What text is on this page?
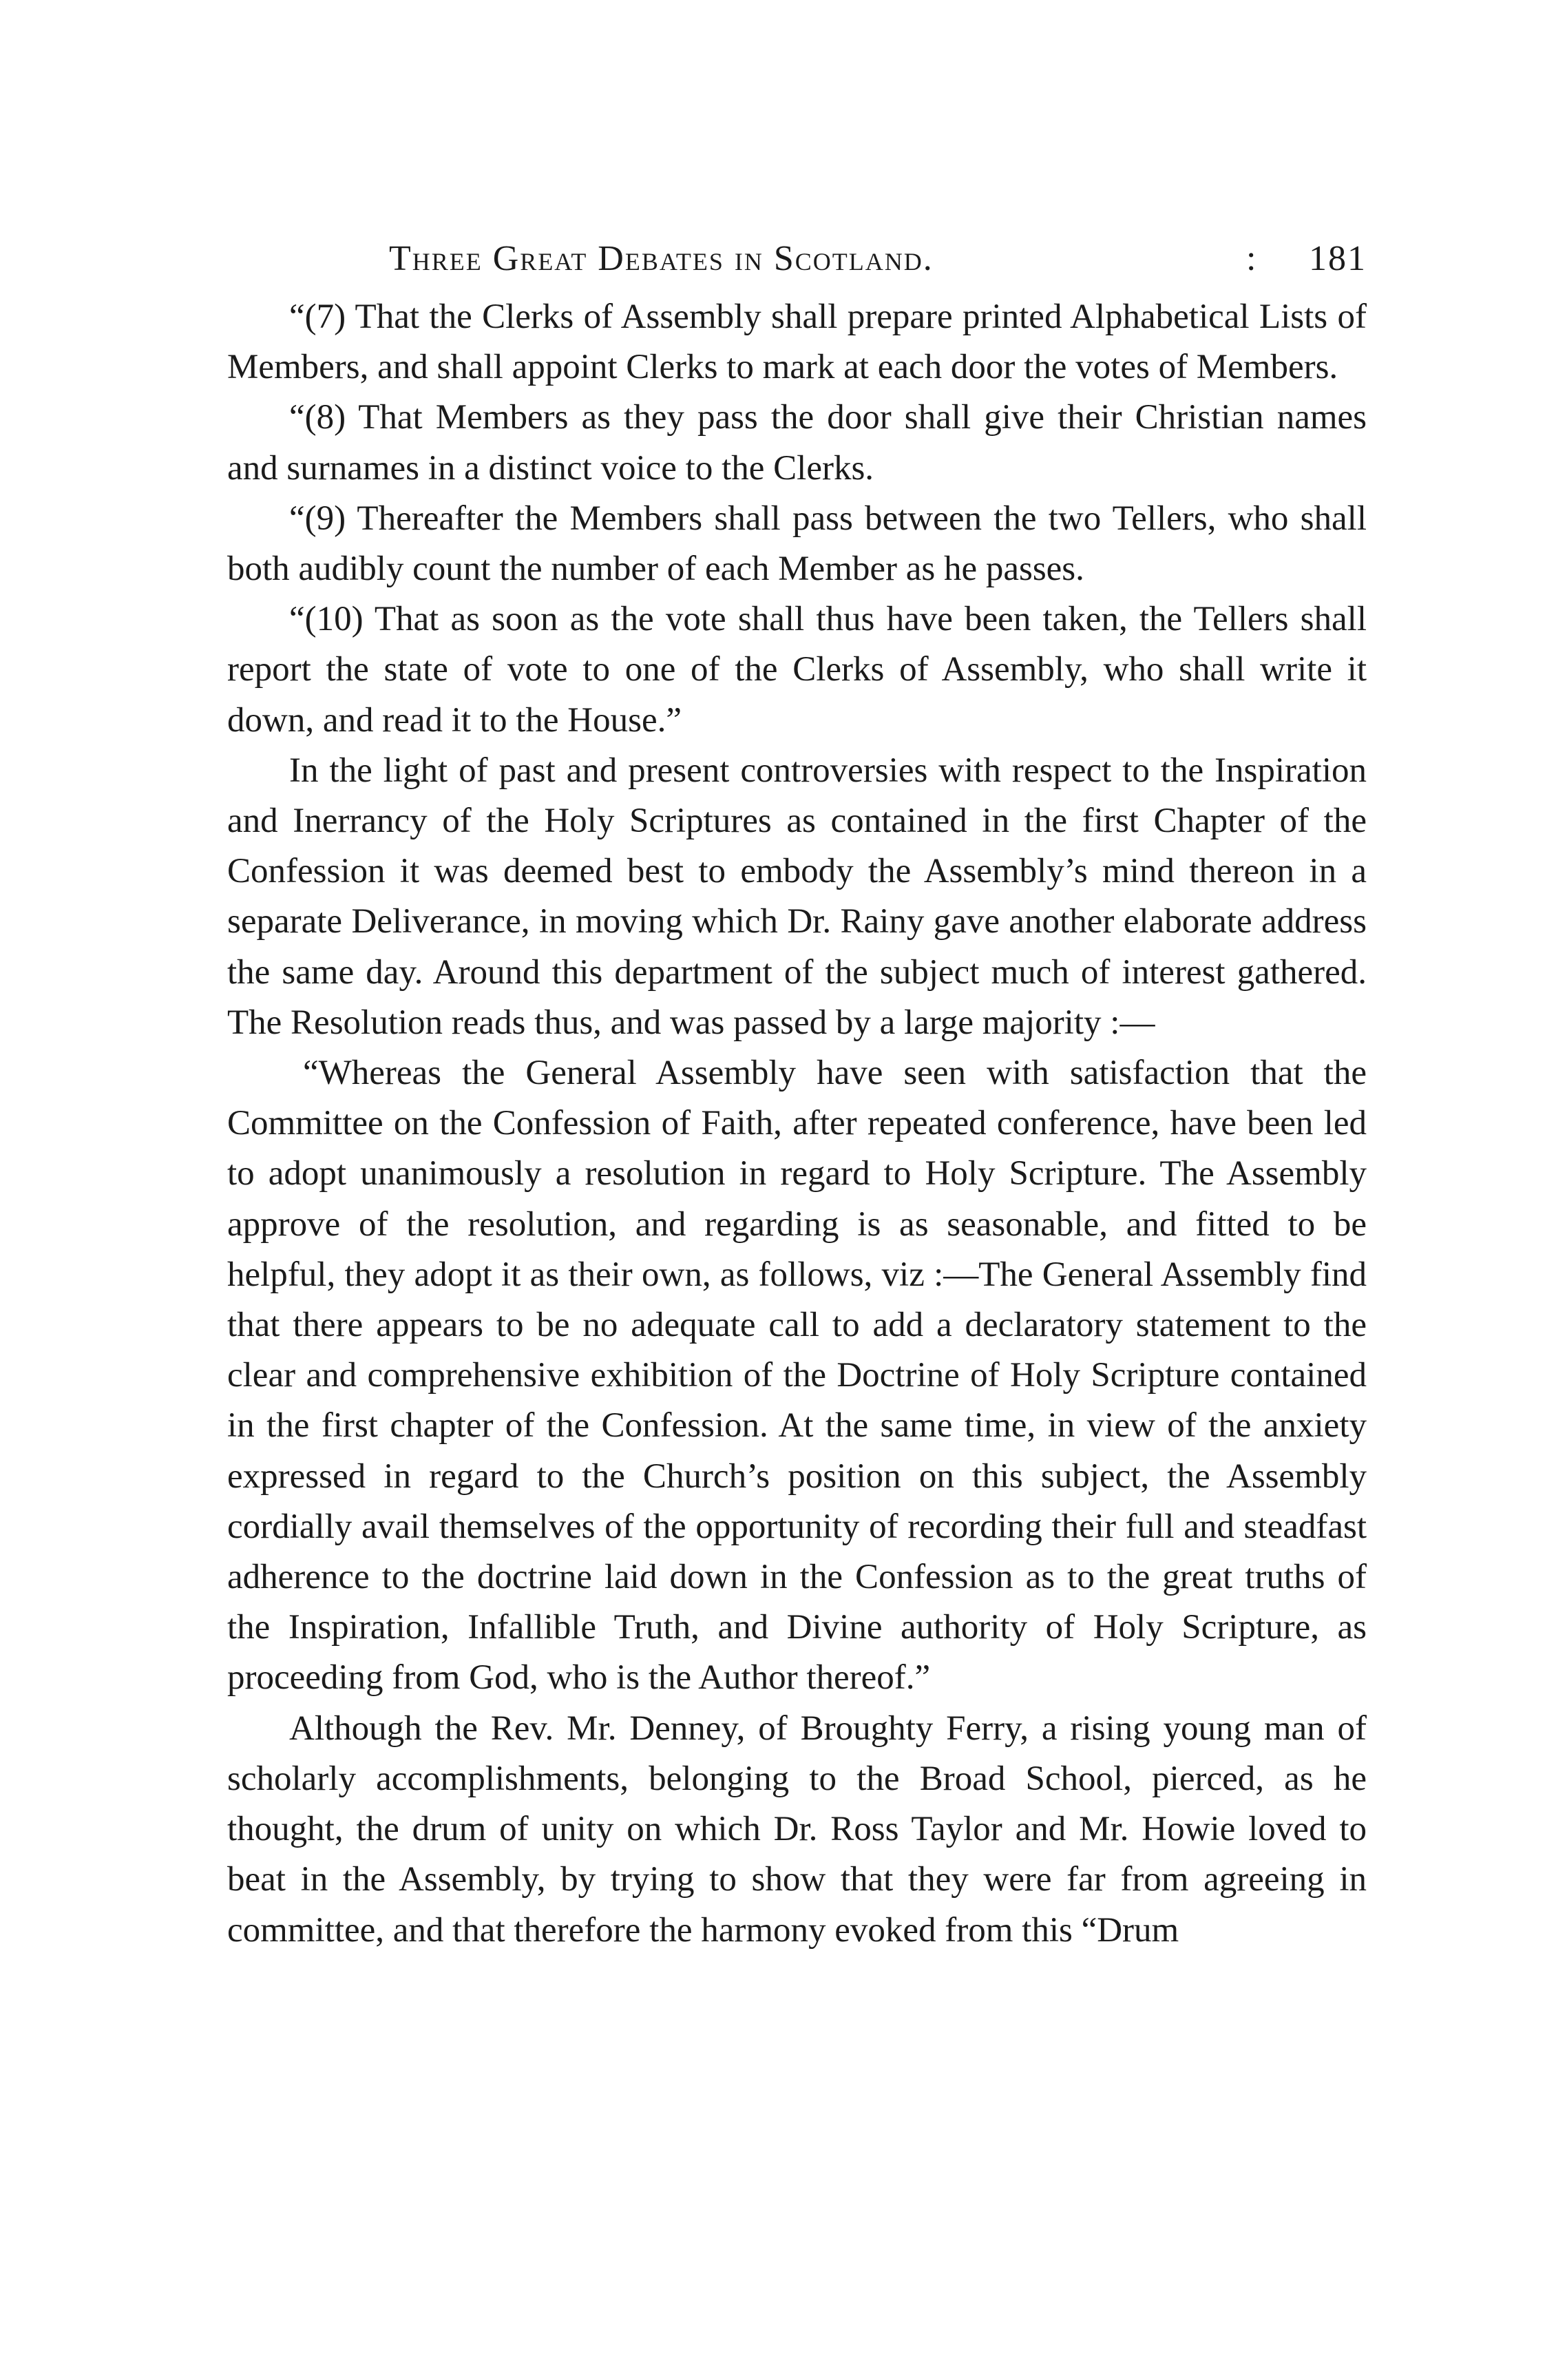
Three Great Debates in Scotland.	: 181

“(7) That the Clerks of Assembly shall prepare printed Alphabetical Lists of Members, and shall appoint Clerks to mark at each door the votes of Members.

“(8) That Members as they pass the door shall give their Christian names and surnames in a distinct voice to the Clerks.

“(9) Thereafter the Members shall pass between the two Tellers, who shall both audibly count the number of each Member as he passes.

“(10) That as soon as the vote shall thus have been taken, the Tellers shall report the state of vote to one of the Clerks of Assembly, who shall write it down, and read it to the House.”

In the light of past and present controversies with respect to the Inspiration and Inerrancy of the Holy Scriptures as contained in the first Chapter of the Confession it was deemed best to embody the Assembly’s mind thereon in a separate Deliverance, in moving which Dr. Rainy gave another elaborate address the same day. Around this department of the subject much of interest gathered. The Resolution reads thus, and was passed by a large majority :—

“Whereas the General Assembly have seen with satisfaction that the Committee on the Confession of Faith, after repeated conference, have been led to adopt unanimously a resolution in regard to Holy Scripture. The Assembly approve of the resolution, and regarding is as seasonable, and fitted to be helpful, they adopt it as their own, as follows, viz :—The General Assembly find that there appears to be no adequate call to add a declaratory statement to the clear and comprehensive exhibition of the Doctrine of Holy Scripture contained in the first chapter of the Confession. At the same time, in view of the anxiety expressed in regard to the Church’s position on this subject, the Assembly cordially avail themselves of the opportunity of recording their full and steadfast adherence to the doctrine laid down in the Confession as to the great truths of the Inspiration, Infallible Truth, and Divine authority of Holy Scripture, as proceeding from God, who is the Author thereof.”

Although the Rev. Mr. Denney, of Broughty Ferry, a rising young man of scholarly accomplishments, belonging to the Broad School, pierced, as he thought, the drum of unity on which Dr. Ross Taylor and Mr. Howie loved to beat in the Assembly, by trying to show that they were far from agreeing in committee, and that therefore the harmony evoked from this “Drum
